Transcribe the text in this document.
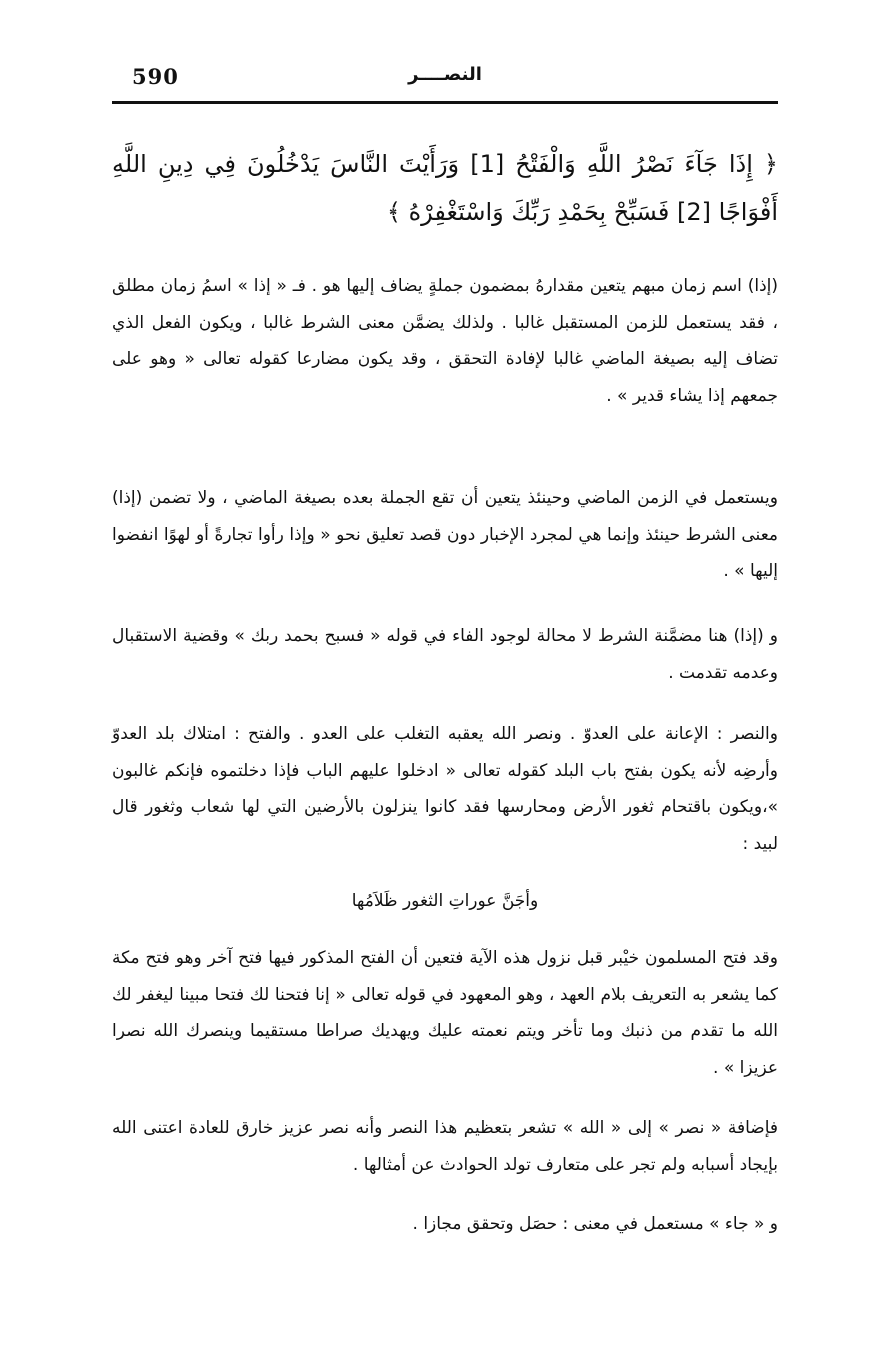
590	النصــــر
﴿ إِذَا جَآءَ نَصْرُ اللَّهِ وَالْفَتْحُ [1] وَرَأَيْتَ النَّاسَ يَدْخُلُونَ فِي دِينِ اللَّهِ أَفْوَاجًا [2] فَسَبِّحْ بِحَمْدِ رَبِّكَ وَاسْتَغْفِرْهُ ﴾
(إذا) اسم زمان مبهم يتعين مقدارهُ بمضمون جملةٍ يضاف إليها هو . فـ « إذا » اسمُ زمان مطلق ، فقد يستعمل للزمن المستقبل غالبا . ولذلك يضمَّن معنى الشرط غالبا ، ويكون الفعل الذي تضاف إليه بصيغة الماضي غالبا لإفادة التحقق ، وقد يكون مضارعا كقوله تعالى « وهو على جمعهم إذا يشاء قدير » .
ويستعمل في الزمن الماضي وحينئذ يتعين أن تقع الجملة بعده بصيغة الماضي ، ولا تضمن (إذا) معنى الشرط حينئذ وإنما هي لمجرد الإخبار دون قصد تعليق نحو « وإذا رأوا تجارةً أو لهوًا انفضوا إليها » .
و (إذا) هنا مضمَّنة الشرط لا محالة لوجود الفاء في قوله « فسبح بحمد ربك » وقضية الاستقبال وعدمه تقدمت .
والنصر : الإعانة على العدوّ . ونصر الله يعقبه التغلب على العدو . والفتح : امتلاك بلد العدوّ وأرضِه لأنه يكون بفتح باب البلد كقوله تعالى « ادخلوا عليهم الباب فإذا دخلتموه فإنكم غالبون »،ويكون باقتحام ثغور الأرض ومحارسها فقد كانوا ينزلون بالأرضين التي لها شعاب وثغور قال لبيد :
وأجَنَّ عوراتِ الثغور ظَلاَمُها
وقد فتح المسلمون خيْبر قبل نزول هذه الآية فتعين أن الفتح المذكور فيها فتح آخر وهو فتح مكة كما يشعر به التعريف بلام العهد ، وهو المعهود في قوله تعالى « إنا فتحنا لك فتحا مبينا ليغفر لك الله ما تقدم من ذنبك وما تأخر ويتم نعمته عليك ويهديك صراطا مستقيما وينصرك الله نصرا عزيزا » .
فإضافة « نصر » إلى « الله » تشعر بتعظيم هذا النصر وأنه نصر عزيز خارق للعادة اعتنى الله بإيجاد أسبابه ولم تجر على متعارف تولد الحوادث عن أمثالها .
و « جاء » مستعمل في معنى : حصَل وتحقق مجازا .
